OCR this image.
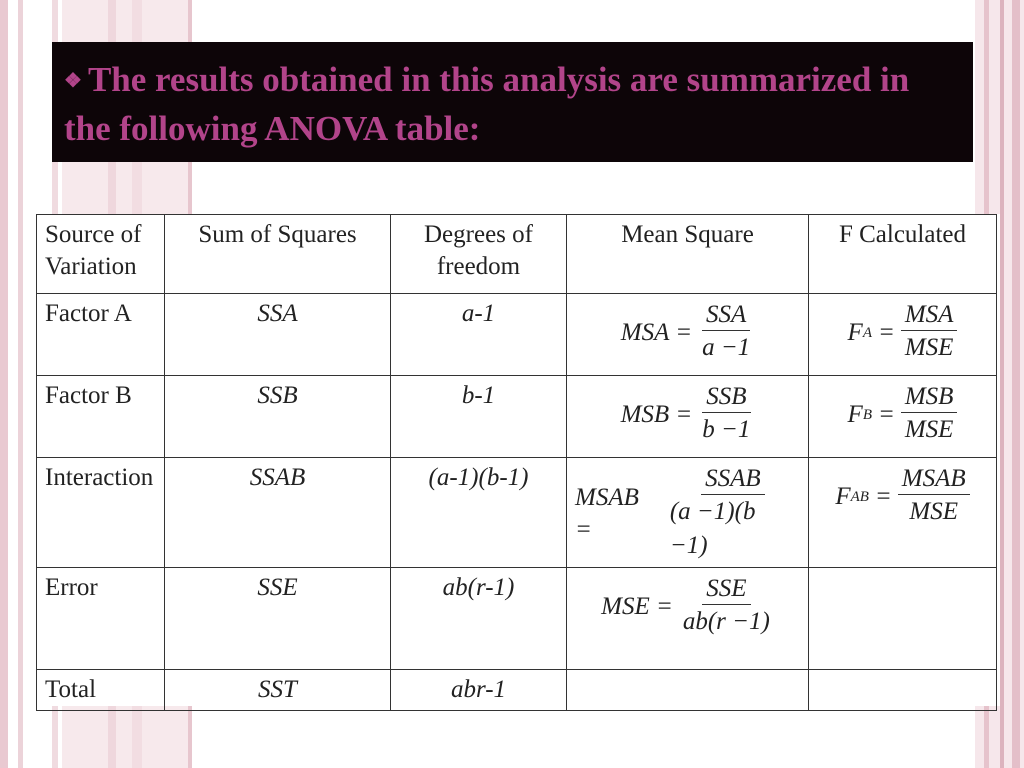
❖ The results obtained in this analysis are summarized in the following ANOVA table:
Source of Variation	Sum of Squares	Degrees of freedom	Mean Square	F Calculated
Factor A	SSA	a-1	MSA = $\frac{\text{SSA}}{a -1}$	F $A = \frac{\text{MSA}}{\text{MSE}}$

Factor B	SSB	b-1	MSB = $\frac{\text{SSB}}{b -1}$	F $B = \frac{\text{MSB}}{\text{MSE}}$

Interaction	SSAB	(a-1)(b-1)	MSAB = $\frac{\text{SSAB}}{(a -1)(b -1)}$	F AB = $\frac{\text{MSAB}}{\text{MSE}}$

Error	SSE	ab(r-1)	MSE = $\frac{\text{SSE}}{ab(r -1)}$

Total	SST	abr-1		
